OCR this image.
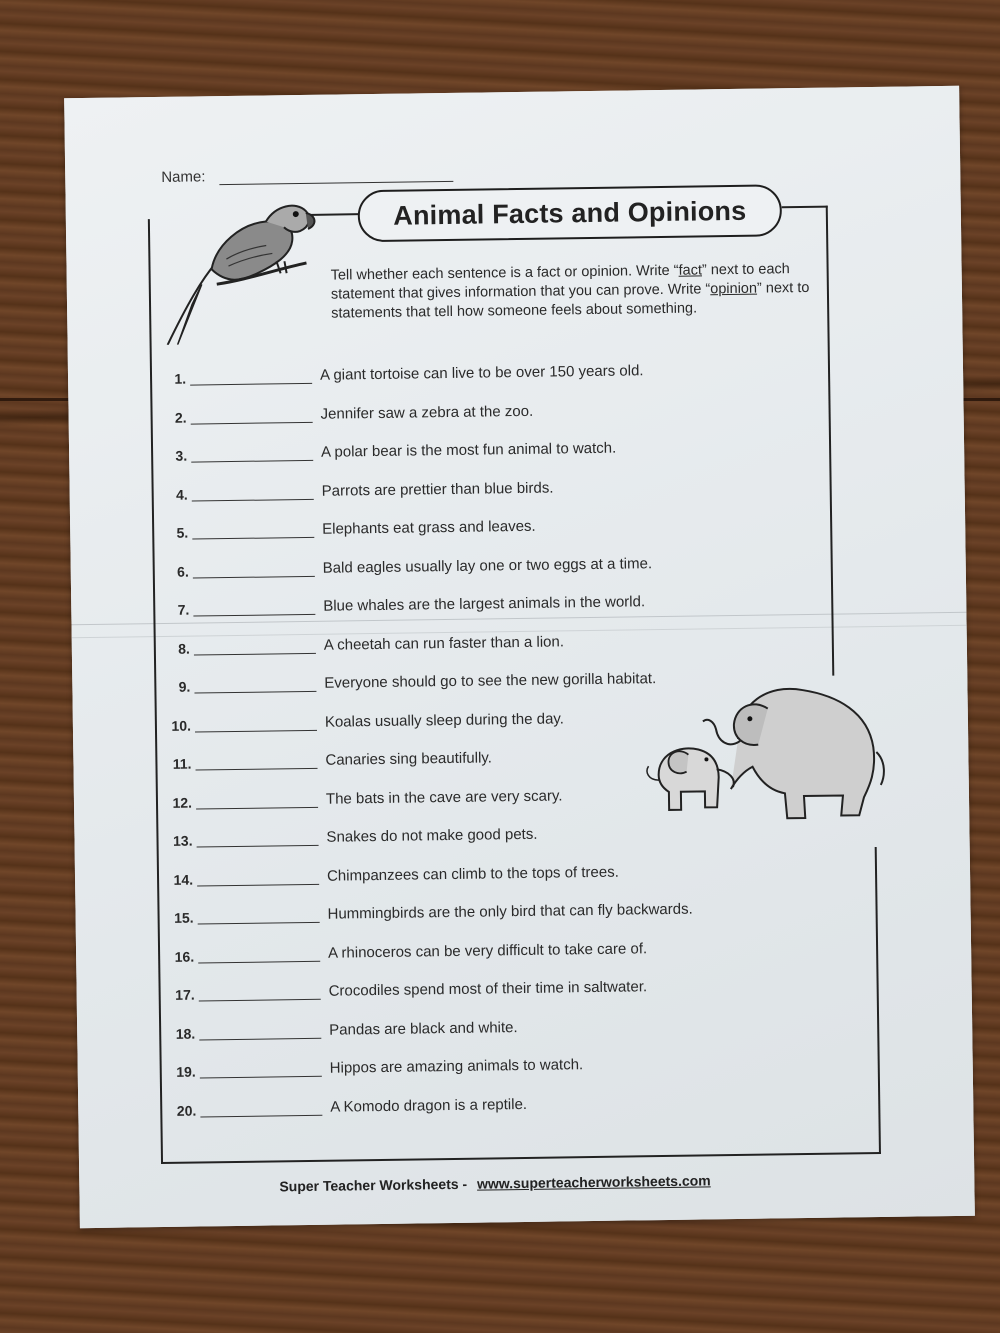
Name:
Animal Facts and Opinions
Tell whether each sentence is a fact or opinion. Write “fact” next to each statement that gives information that you can prove. Write “opinion” next to statements that tell how someone feels about something.
1.	A giant tortoise can live to be over 150 years old.
2.	Jennifer saw a zebra at the zoo.
3.	A polar bear is the most fun animal to watch.
4.	Parrots are prettier than blue birds.
5.	Elephants eat grass and leaves.
6.	Bald eagles usually lay one or two eggs at a time.
7.	Blue whales are the largest animals in the world.
8.	A cheetah can run faster than a lion.
9.	Everyone should go to see the new gorilla habitat.
10.	Koalas usually sleep during the day.
11.	Canaries sing beautifully.
12.	The bats in the cave are very scary.
13.	Snakes do not make good pets.
14.	Chimpanzees can climb to the tops of trees.
15.	Hummingbirds are the only bird that can fly backwards.
16.	A rhinoceros can be very difficult to take care of.
17.	Crocodiles spend most of their time in saltwater.
18.	Pandas are black and white.
19.	Hippos are amazing animals to watch.
20.	A Komodo dragon is a reptile.
Super Teacher Worksheets - www.superteacherworksheets.com
